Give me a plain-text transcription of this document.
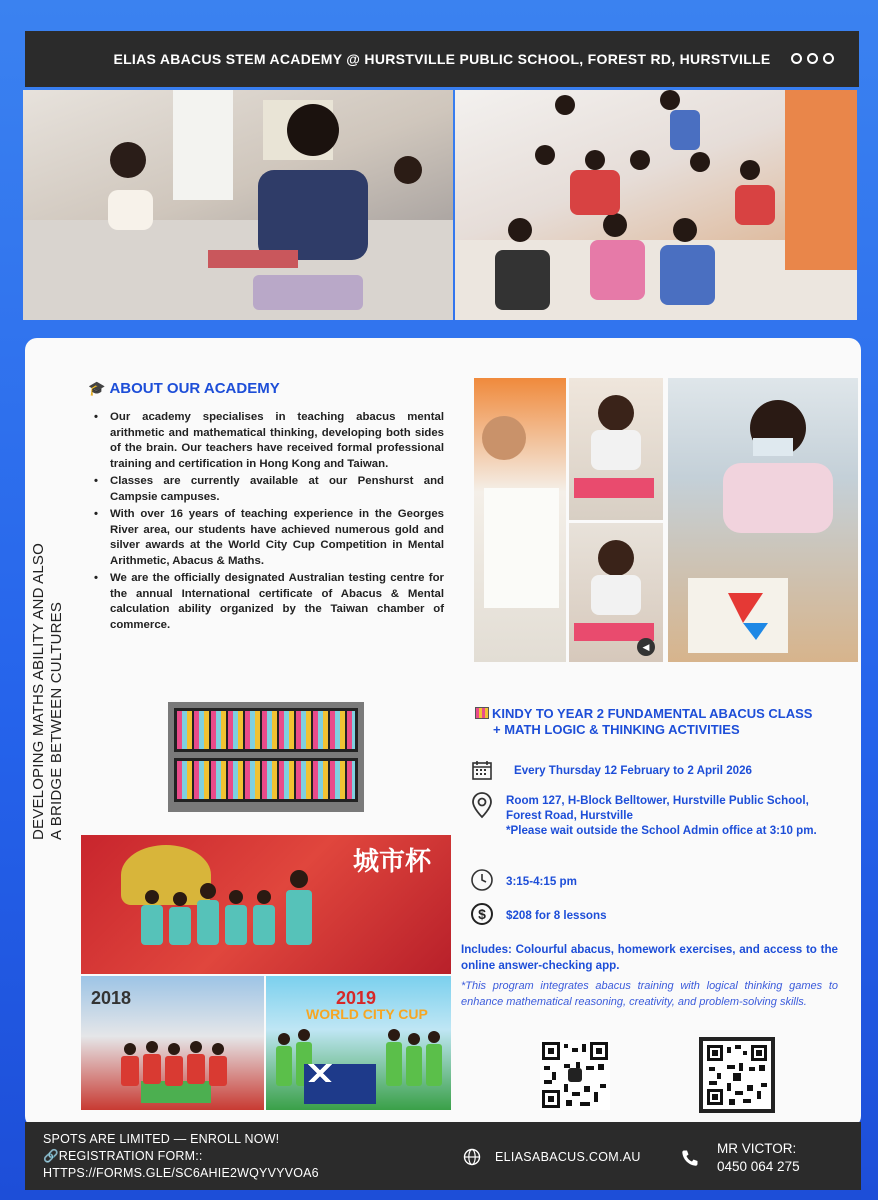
ELIAS ABACUS STEM ACADEMY @ HURSTVILLE PUBLIC SCHOOL, FOREST RD, HURSTVILLE
DEVELOPING MATHS ABILITY AND ALSO A BRIDGE BETWEEN CULTURES
🎓 ABOUT OUR ACADEMY
• Our academy specialises in teaching abacus mental arithmetic and mathematical thinking, developing both sides of the brain. Our teachers have received formal professional training and certification in Hong Kong and Taiwan.
• Classes are currently available at our Penshurst and Campsie campuses.
• With over 16 years of teaching experience in the Georges River area, our students have achieved numerous gold and silver awards at the World City Cup Competition in Mental Arithmetic, Abacus & Maths.
• We are the officially designated Australian testing centre for the annual International certificate of Abacus & Mental calculation ability organized by the Taiwan chamber of commerce.
◀
KINDY TO YEAR 2 FUNDAMENTAL ABACUS CLASS
+ MATH LOGIC & THINKING ACTIVITIES
Every Thursday 12 February to 2 April 2026
Room 127, H-Block Belltower, Hurstville Public School, Forest Road, Hurstville
*Please wait outside the School Admin office at 3:10 pm.
3:15-4:15 pm
$ $208 for 8 lessons
Includes: Colourful abacus, homework exercises, and access to the online answer-checking app.
*This program integrates abacus training with logical thinking games to enhance mathematical reasoning, creativity, and problem-solving skills.
城市杯
2018	2019
WORLD CITY CUP
SPOTS ARE LIMITED — ENROLL NOW!
🔗REGISTRATION FORM::
HTTPS://FORMS.GLE/SC6AHIE2WQYVYVOA6
ELIASABACUS.COM.AU
MR VICTOR:
0450 064 275
